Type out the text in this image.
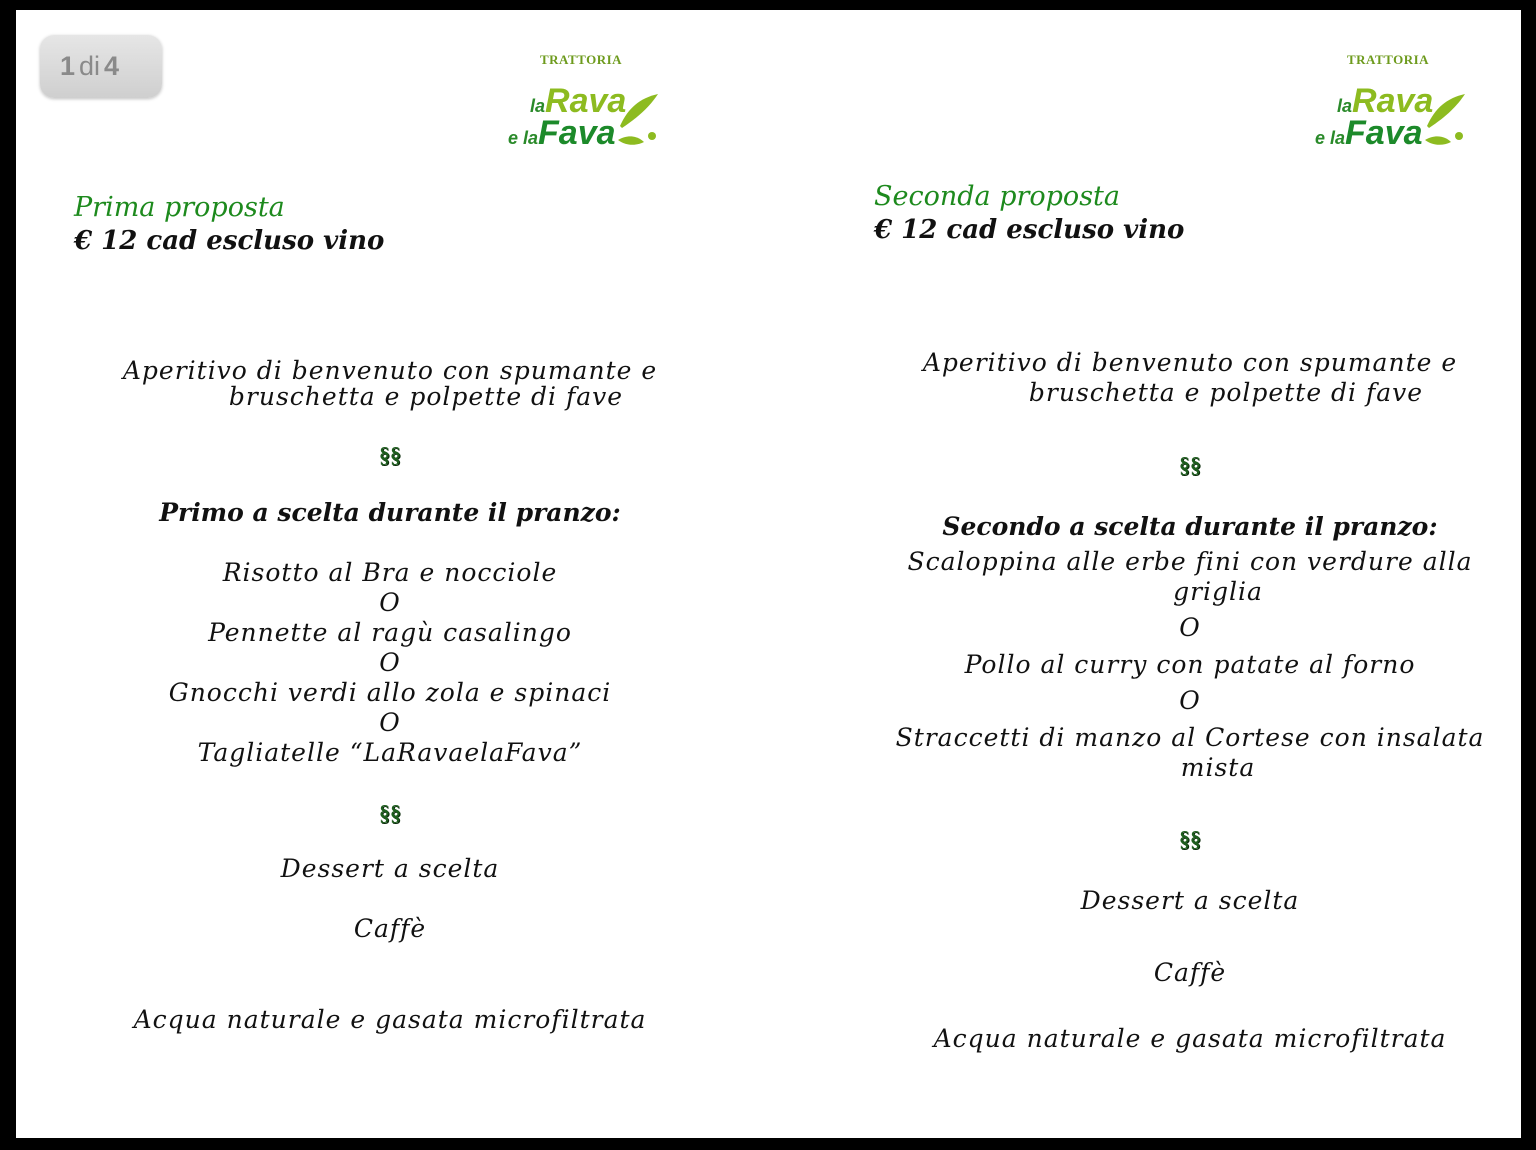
1 di 4	TRATTORIA
laRava
e laFava
TRATTORIA
laRava
e laFava
Prima proposta
€ 12 cad escluso vino
Aperitivo di benvenuto con spumante e
bruschetta e polpette di fave
§§
Primo a scelta durante il pranzo:
Risotto al Bra e nocciole
O
Pennette al ragù casalingo
O
Gnocchi verdi allo zola e spinaci
O
Tagliatelle “LaRavaelaFava”
§§
Dessert a scelta
Caffè
Acqua naturale e gasata microfiltrata
Seconda proposta
€ 12 cad escluso vino
Aperitivo di benvenuto con spumante e
bruschetta e polpette di fave
§§
Secondo a scelta durante il pranzo:
Scaloppina alle erbe fini con verdure alla
griglia
O
Pollo al curry con patate al forno
O
Straccetti di manzo al Cortese con insalata
mista
§§
Dessert a scelta
Caffè
Acqua naturale e gasata microfiltrata
